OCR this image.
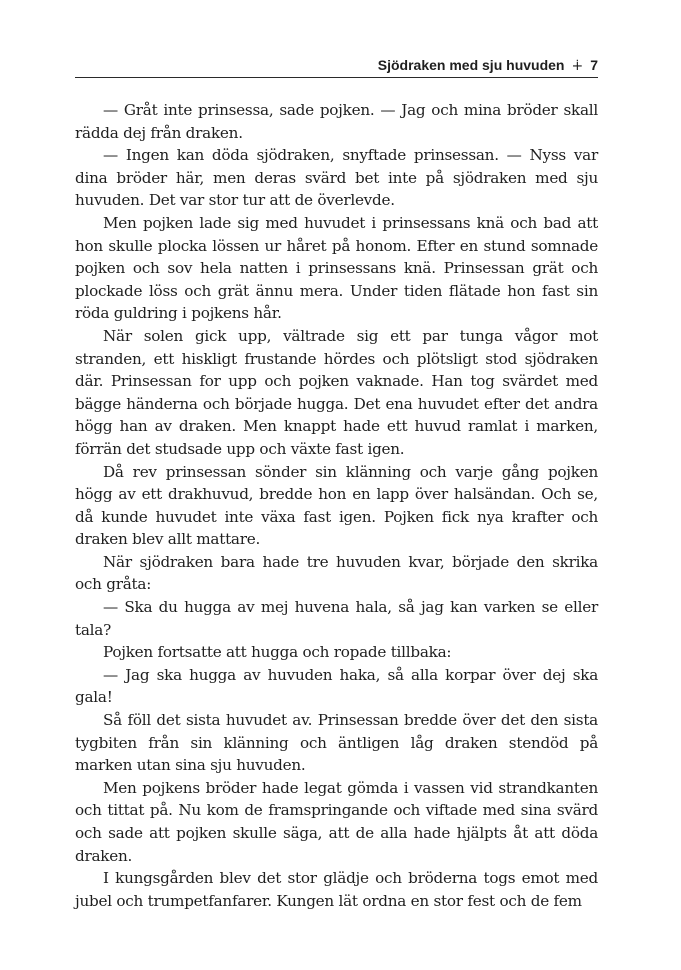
Sjödraken med sju huvuden ∔ 7

— Gråt inte prinsessa, sade pojken. — Jag och mina bröder skall rädda dej från draken.

— Ingen kan döda sjödraken, snyftade prinsessan. — Nyss var dina bröder här, men deras svärd bet inte på sjödraken med sju huvuden. Det var stor tur att de överlevde.

Men pojken lade sig med huvudet i prinsessans knä och bad att hon skulle plocka lössen ur håret på honom. Efter en stund somnade pojken och sov hela natten i prinsessans knä. Prinsessan grät och plockade löss och grät ännu mera. Under tiden flätade hon fast sin röda guldring i pojkens hår.

När solen gick upp, vältrade sig ett par tunga vågor mot stranden, ett hiskligt frustande hördes och plötsligt stod sjödraken där. Prinsessan for upp och pojken vaknade. Han tog svärdet med bägge händerna och började hugga. Det ena huvudet efter det andra högg han av draken. Men knappt hade ett huvud ramlat i marken, förrän det studsade upp och växte fast igen.

Då rev prinsessan sönder sin klänning och varje gång pojken högg av ett drakhuvud, bredde hon en lapp över halsändan. Och se, då kunde huvudet inte växa fast igen. Pojken fick nya krafter och draken blev allt mattare.

När sjödraken bara hade tre huvuden kvar, började den skrika och gråta:

— Ska du hugga av mej huvena hala, så jag kan varken se eller tala?

Pojken fortsatte att hugga och ropade tillbaka:

— Jag ska hugga av huvuden haka, så alla korpar över dej ska gala!

Så föll det sista huvudet av. Prinsessan bredde över det den sista tygbiten från sin klänning och äntligen låg draken stendöd på marken utan sina sju huvuden.

Men pojkens bröder hade legat gömda i vassen vid strandkanten och tittat på. Nu kom de framspringande och viftade med sina svärd och sade att pojken skulle säga, att de alla hade hjälpts åt att döda draken.

I kungsgården blev det stor glädje och bröderna togs emot med jubel och trumpetfanfarer. Kungen lät ordna en stor fest och de fem
